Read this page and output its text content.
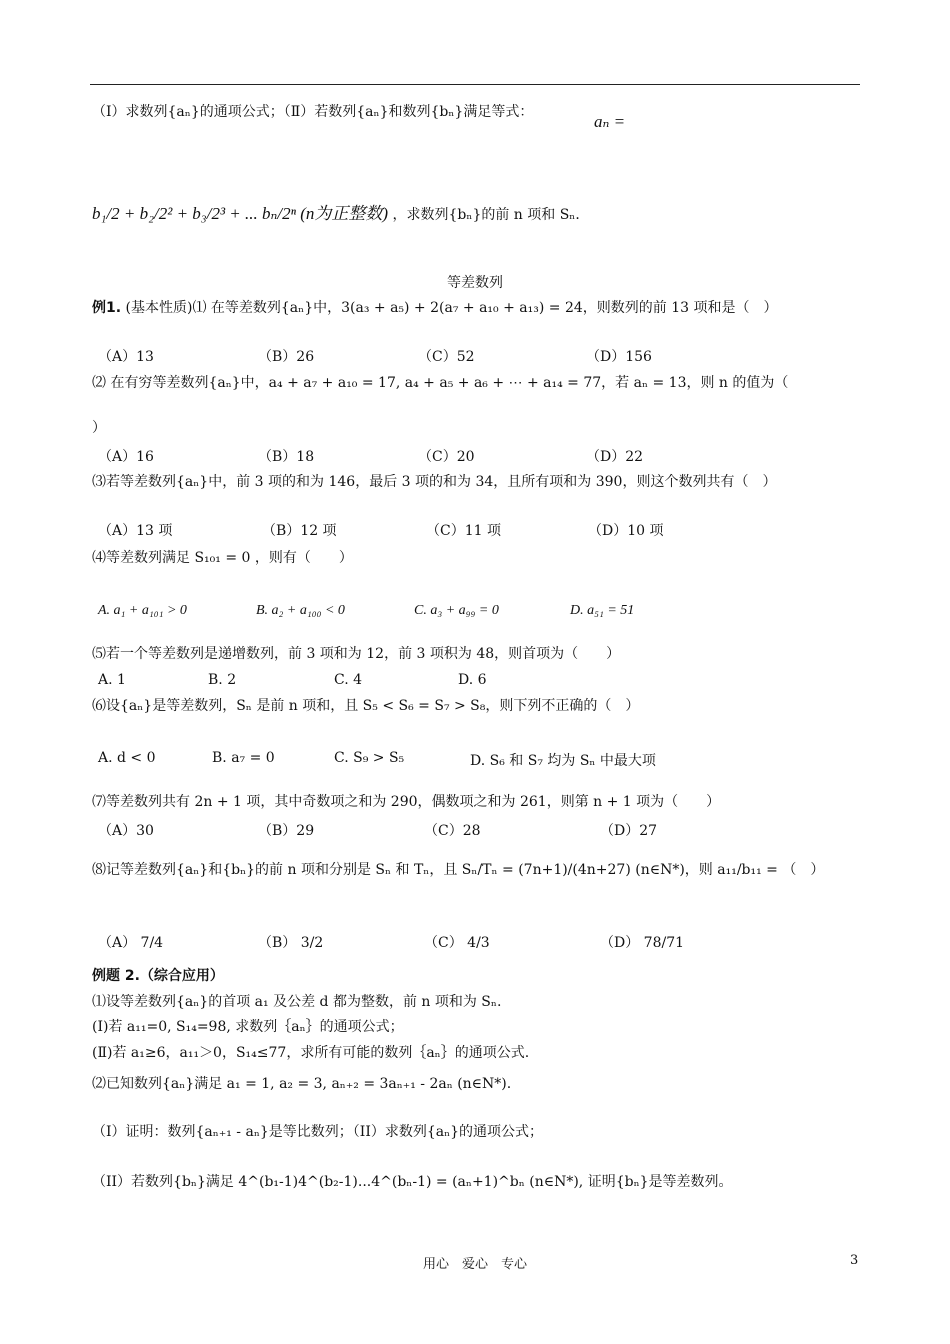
（Ⅰ）求数列{aₙ}的通项公式；（Ⅱ）若数列{aₙ}和数列{bₙ}满足等式：	aₙ =
b₁/2 + b₂/2² + b₃/2³ + ... bₙ/2ⁿ (n为正整数) ，求数列{bₙ}的前 n 项和 Sₙ．
等差数列
例1. (基本性质)⑴ 在等差数列{aₙ}中，3(a₃ + a₅) + 2(a₇ + a₁₀ + a₁₃) = 24，则数列的前 13 项和是（　）
（A）13	（B）26	（C）52	（D）156
⑵ 在有穷等差数列{aₙ}中，a₄ + a₇ + a₁₀ = 17, a₄ + a₅ + a₆ + ⋯ + a₁₄ = 77，若 aₙ = 13，则 n 的值为（
）
（A）16	（B）18	（C）20	（D）22
⑶若等差数列{aₙ}中，前 3 项的和为 146，最后 3 项的和为 34，且所有项和为 390，则这个数列共有（　）
（A）13 项	（B）12 项	（C）11 项	（D）10 项
⑷等差数列满足 S₁₀₁ = 0 ，则有（　　）
A. a₁ + a₁₀₁ > 0	B. a₂ + a₁₀₀ < 0	C. a₃ + a₉₉ = 0	D. a₅₁ = 51
⑸若一个等差数列是递增数列，前 3 项和为 12，前 3 项积为 48，则首项为（　　）
A. 1	B. 2	C. 4	D. 6
⑹设{aₙ}是等差数列，Sₙ 是前 n 项和，且 S₅ < S₆ = S₇ > S₈，则下列不正确的（　）
A. d < 0	B. a₇ = 0	C. S₉ > S₅	D. S₆ 和 S₇ 均为 Sₙ 中最大项
⑺等差数列共有 2n + 1 项，其中奇数项之和为 290，偶数项之和为 261，则第 n + 1 项为（　　）
（A）30	（B）29	（C）28	（D）27
⑻记等差数列{aₙ}和{bₙ}的前 n 项和分别是 Sₙ 和 Tₙ，且 Sₙ/Tₙ = (7n+1)/(4n+27) (n∈N*)，则 a₁₁/b₁₁ = （　）
（A） 7/4	（B） 3/2	（C） 4/3	（D） 78/71
例题 2.（综合应用）
⑴设等差数列{aₙ}的首项 a₁ 及公差 d 都为整数，前 n 项和为 Sₙ.
(Ⅰ)若 a₁₁=0, S₁₄=98, 求数列｛aₙ｝的通项公式；
(Ⅱ)若 a₁≥6，a₁₁＞0，S₁₄≤77，求所有可能的数列｛aₙ｝的通项公式.
⑵已知数列{aₙ}满足 a₁ = 1, a₂ = 3, aₙ₊₂ = 3aₙ₊₁ - 2aₙ (n∈N*).
（I）证明：数列{aₙ₊₁ - aₙ}是等比数列；（II）求数列{aₙ}的通项公式；
（II）若数列{bₙ}满足 4^(b₁-1)4^(b₂-1)...4^(bₙ-1) = (aₙ+1)^bₙ (n∈N*), 证明{bₙ}是等差数列。
用心　爱心　专心	3
